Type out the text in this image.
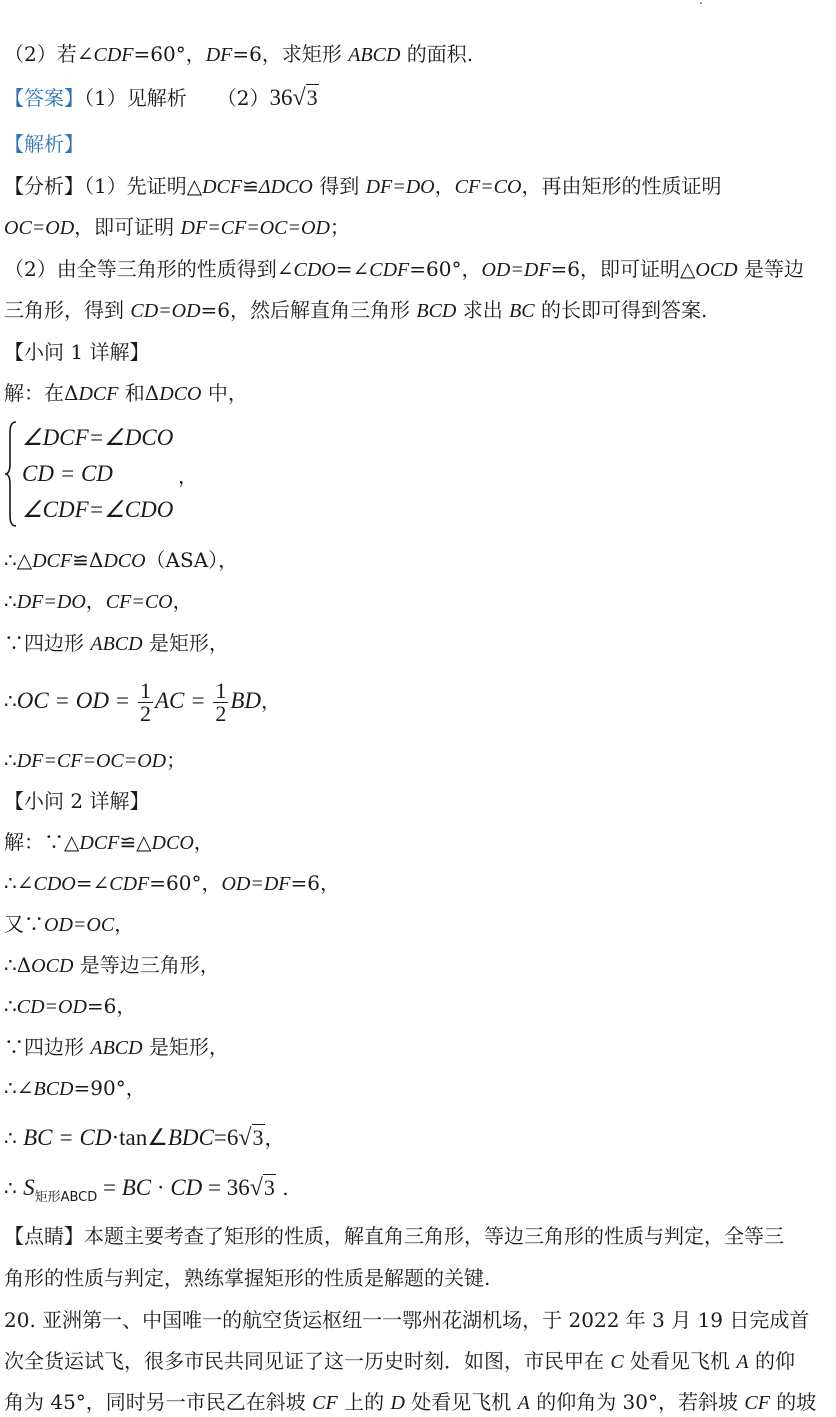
（2）若∠CDF=60°，DF=6，求矩形 ABCD 的面积.
【答案】（1）见解析　　（2）36√3
【解析】
【分析】（1）先证明△DCF≌ΔDCO 得到 DF=DO，CF=CO，再由矩形的性质证明
OC=OD，即可证明 DF=CF=OC=OD；
（2）由全等三角形的性质得到∠CDO=∠CDF=60°，OD=DF=6，即可证明△OCD 是等边
三角形，得到 CD=OD=6，然后解直角三角形 BCD 求出 BC 的长即可得到答案.
【小问 1 详解】
解：在ΔDCF 和ΔDCO 中，
∠DCF=∠DCO
CD = CD
∠CDF=∠CDO
，
∴△DCF≌ΔDCO（ASA），
∴DF=DO，CF=CO，
∵四边形 ABCD 是矩形，
∴OC = OD = $\frac{1}{2}$ AC = $\frac{1}{2}$ BD，
∴DF=CF=OC=OD；
【小问 2 详解】
解：∵△DCF≌△DCO，
∴∠CDO=∠CDF=60°，OD=DF=6，
又∵OD=OC，
∴ΔOCD 是等边三角形，
∴CD=OD=6，
∵四边形 ABCD 是矩形，
∴∠BCD=90°，
∴ BC = CD·tan∠BDC=6√3，
∴ $S_{矩形ABCD}$ = BC · CD = 36√3 .
【点睛】本题主要考查了矩形的性质，解直角三角形，等边三角形的性质与判定，全等三
角形的性质与判定，熟练掌握矩形的性质是解题的关键.
20. 亚洲第一、中国唯一的航空货运枢纽一一鄂州花湖机场，于 2022 年 3 月 19 日完成首
次全货运试飞，很多市民共同见证了这一历史时刻．如图，市民甲在 C 处看见飞机 A 的仰
角为 45°，同时另一市民乙在斜坡 CF 上的 D 处看见飞机 A 的仰角为 30°，若斜坡 CF 的坡
